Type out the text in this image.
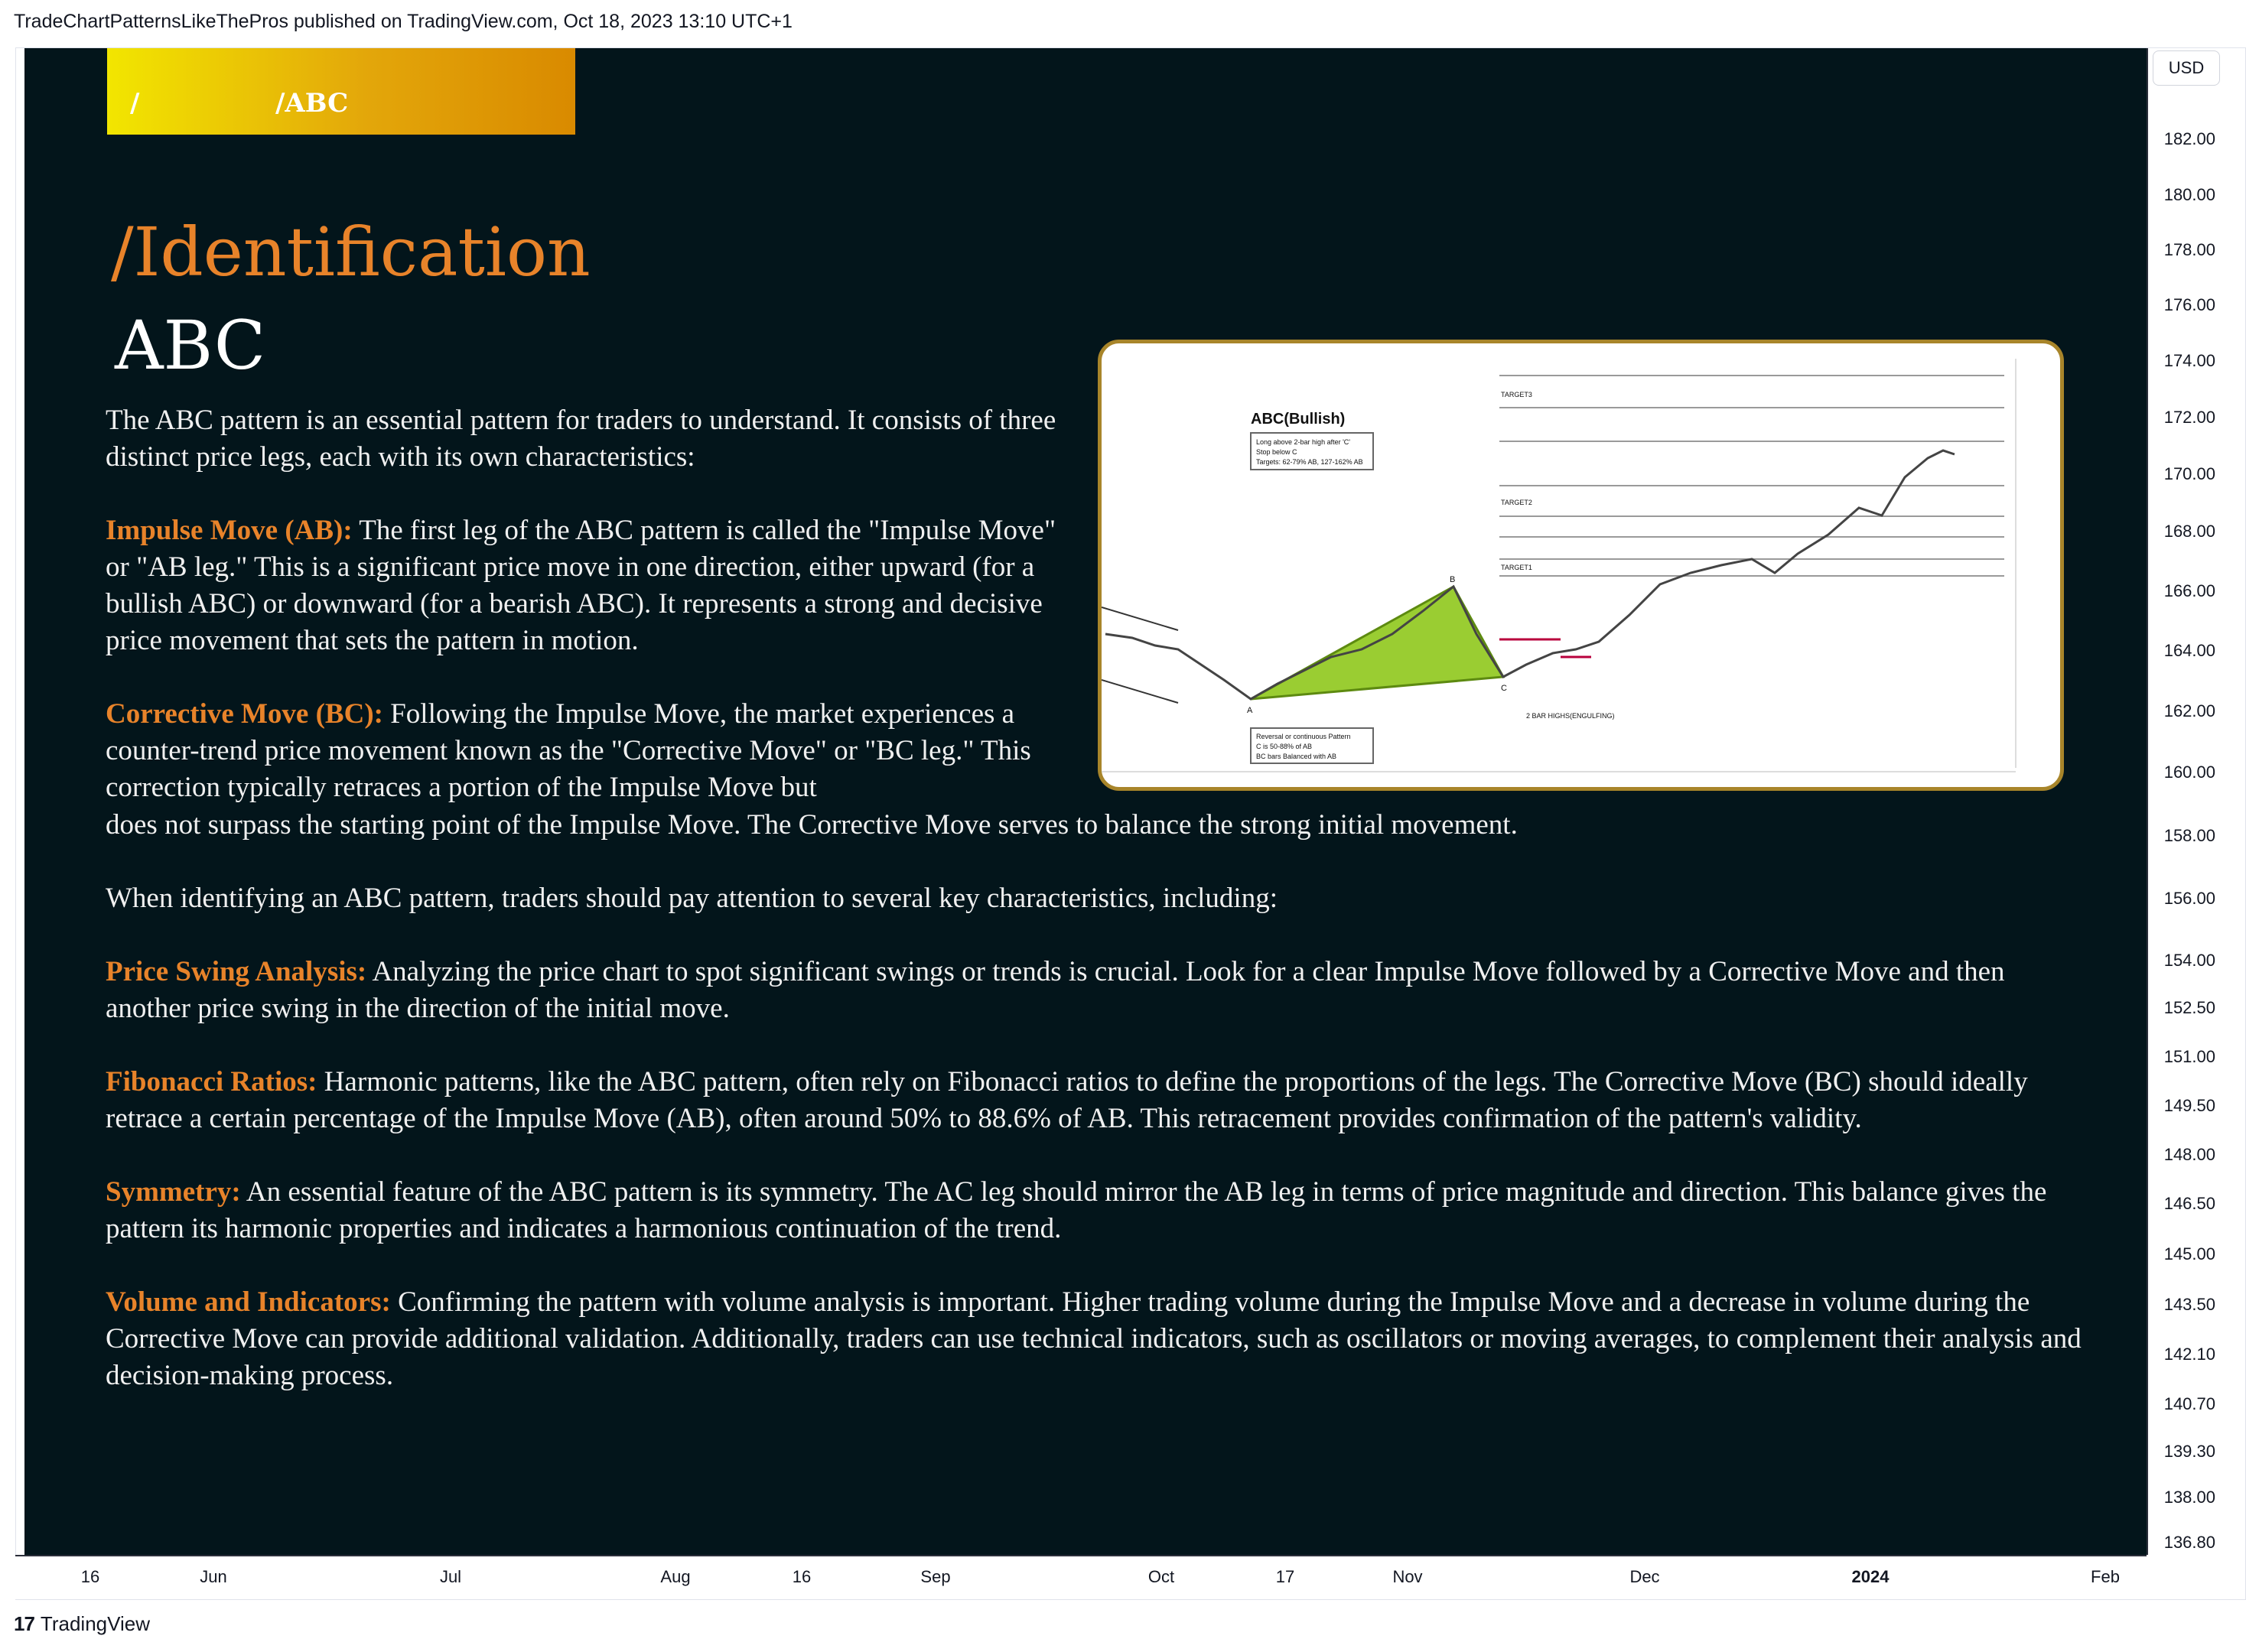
TradeChartPatternsLikeThePros published on TradingView.com, Oct 18, 2023 13:10 UTC+1
/               /ABC
/Identification
ABC
The ABC pattern is an essential pattern for traders to understand. It consists of three distinct price legs, each with its own characteristics:
Impulse Move (AB): The first leg of the ABC pattern is called the "Impulse Move" or "AB leg." This is a significant price move in one direction, either upward (for a bullish ABC) or downward (for a bearish ABC). It represents a strong and decisive price movement that sets the pattern in motion.
Corrective Move (BC): Following the Impulse Move, the market experiences a counter-trend price movement known as the "Corrective Move" or "BC leg." This correction typically retraces a portion of the Impulse Move but
does not surpass the starting point of the Impulse Move. The Corrective Move serves to balance the strong initial movement.
When identifying an ABC pattern, traders should pay attention to several key characteristics, including:
Price Swing Analysis: Analyzing the price chart to spot significant swings or trends is crucial. Look for a clear Impulse Move followed by a Corrective Move and then another price swing in the direction of the initial move.
Fibonacci Ratios: Harmonic patterns, like the ABC pattern, often rely on Fibonacci ratios to define the proportions of the legs. The Corrective Move (BC) should ideally retrace a certain percentage of the Impulse Move (AB), often around 50% to 88.6% of AB. This retracement provides confirmation of the pattern's validity.
Symmetry: An essential feature of the ABC pattern is its symmetry. The AC leg should mirror the AB leg in terms of price magnitude and direction. This balance gives the pattern its harmonic properties and indicates a harmonious continuation of the trend.
Volume and Indicators: Confirming the pattern with volume analysis is important. Higher trading volume during the Impulse Move and a decrease in volume during the Corrective Move can provide additional validation. Additionally, traders can use technical indicators, such as oscillators or moving averages, to complement their analysis and decision-making process.
ABC(Bullish)
Long above 2-bar high after 'C'
Stop below C
Targets: 62-79% AB, 127-162% AB
Reversal or continuous Pattern
C is 50-88% of AB
BC bars Balanced with AB
TARGET3
TARGET2
TARGET1
2 BAR HIGHS(ENGULFING)
A
B
C
USD
182.00
180.00
178.00
176.00
174.00
172.00
170.00
168.00
166.00
164.00
162.00
160.00
158.00
156.00
154.00
152.50
151.00
149.50
148.00
146.50
145.00
143.50
142.10
140.70
139.30
138.00
136.80
16	Jun	Jul	Aug	16	Sep	Oct	17	Nov	Dec	2024	Feb
17 TradingView
